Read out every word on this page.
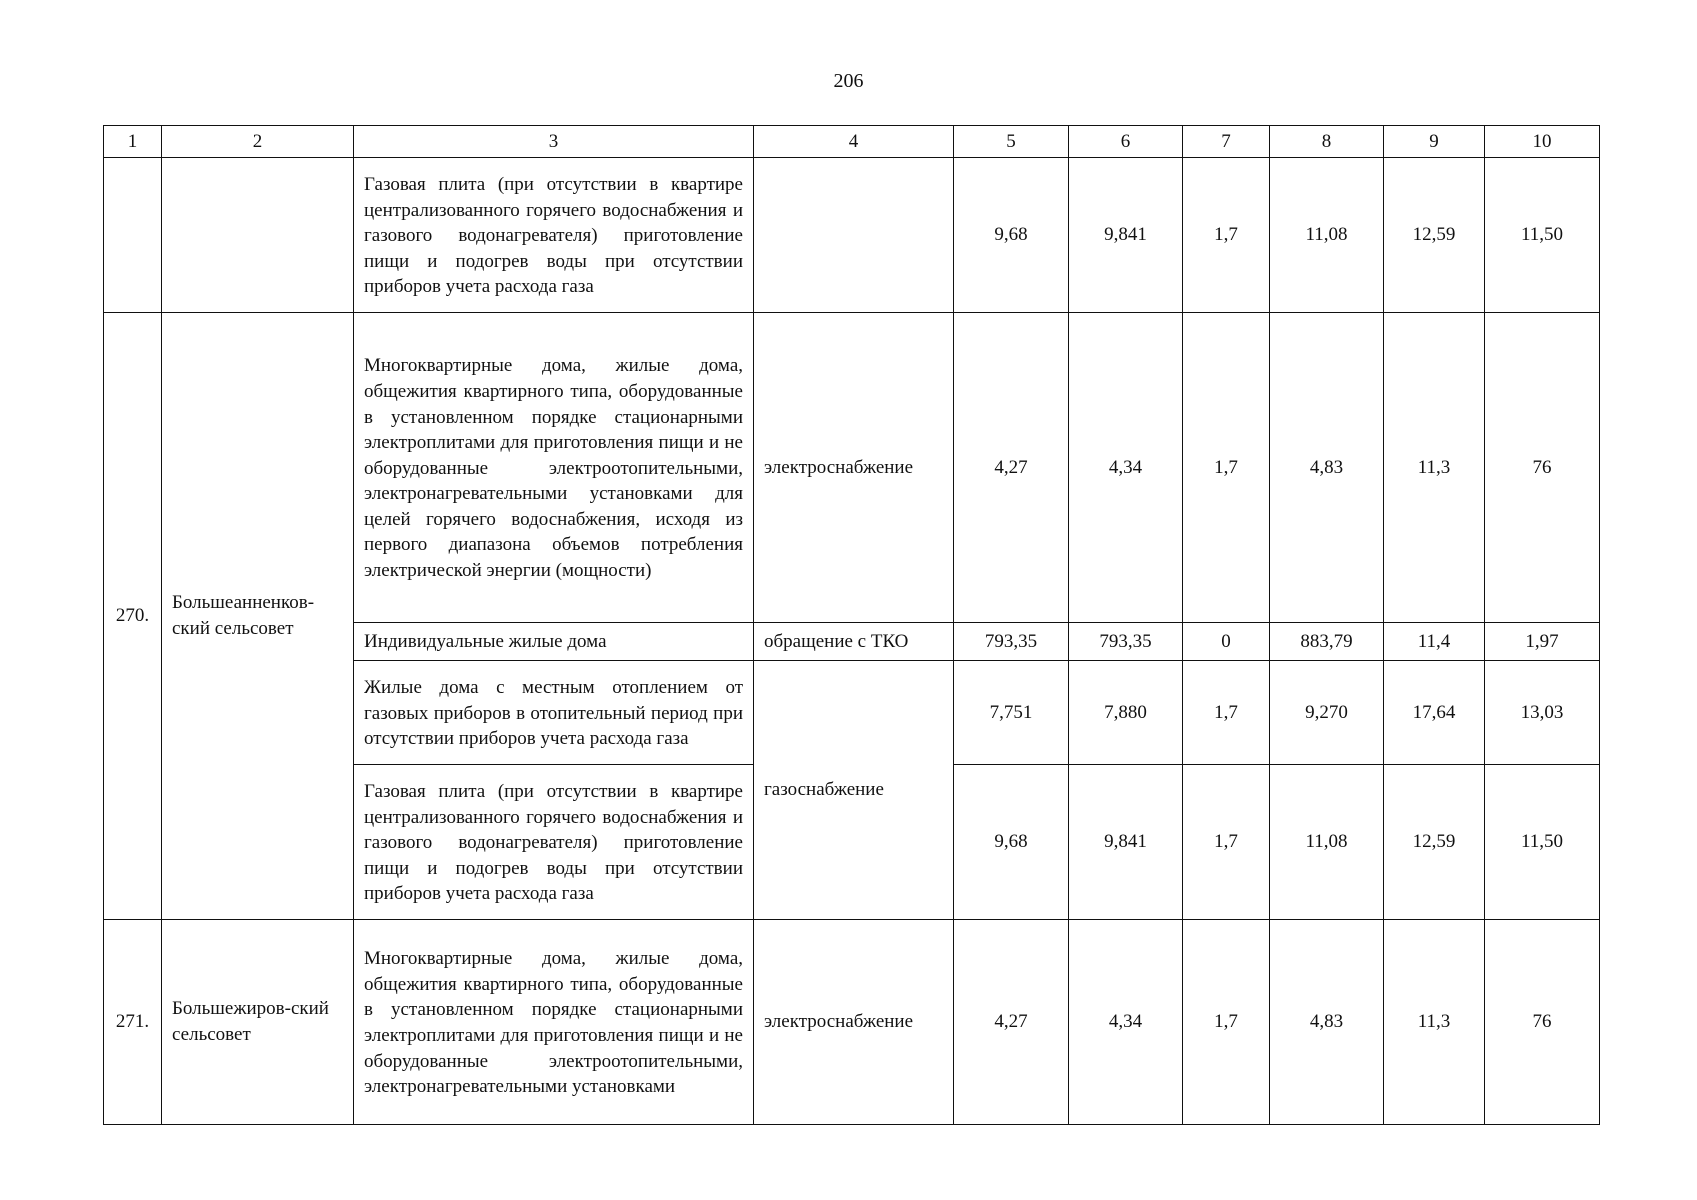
206
1	2	3	4	5	6	7	8	9	10
		Газовая плита (при отсутствии в квартире централизованного горячего водоснабжения и газового водонагревателя) приготовление пищи и подогрев воды при отсутствии приборов учета расхода газа		9,68	9,841	1,7	11,08	12,59	11,50
270.	Большеанненков-ский сельсовет	Многоквартирные дома, жилые дома, общежития квартирного типа, оборудованные в установленном порядке стационарными электроплитами для приготовления пищи и не оборудованные электроотопительными, электронагревательными установками для целей горячего водоснабжения, исходя из первого диапазона объемов потребления электрической энергии (мощности)	электроснабжение	4,27	4,34	1,7	4,83	11,3	76
		Индивидуальные жилые дома	обращение с ТКО	793,35	793,35	0	883,79	11,4	1,97
		Жилые дома с местным отоплением от газовых приборов в отопительный период при отсутствии приборов учета расхода газа	газоснабжение	7,751	7,880	1,7	9,270	17,64	13,03
		Газовая плита (при отсутствии в квартире централизованного горячего водоснабжения и газового водонагревателя) приготовление пищи и подогрев воды при отсутствии приборов учета расхода газа		9,68	9,841	1,7	11,08	12,59	11,50
271.	Большежиров-ский сельсовет	Многоквартирные дома, жилые дома, общежития квартирного типа, оборудованные в установленном порядке стационарными электроплитами для приготовления пищи и не оборудованные электроотопительными, электронагревательными установками	электроснабжение	4,27	4,34	1,7	4,83	11,3	76
